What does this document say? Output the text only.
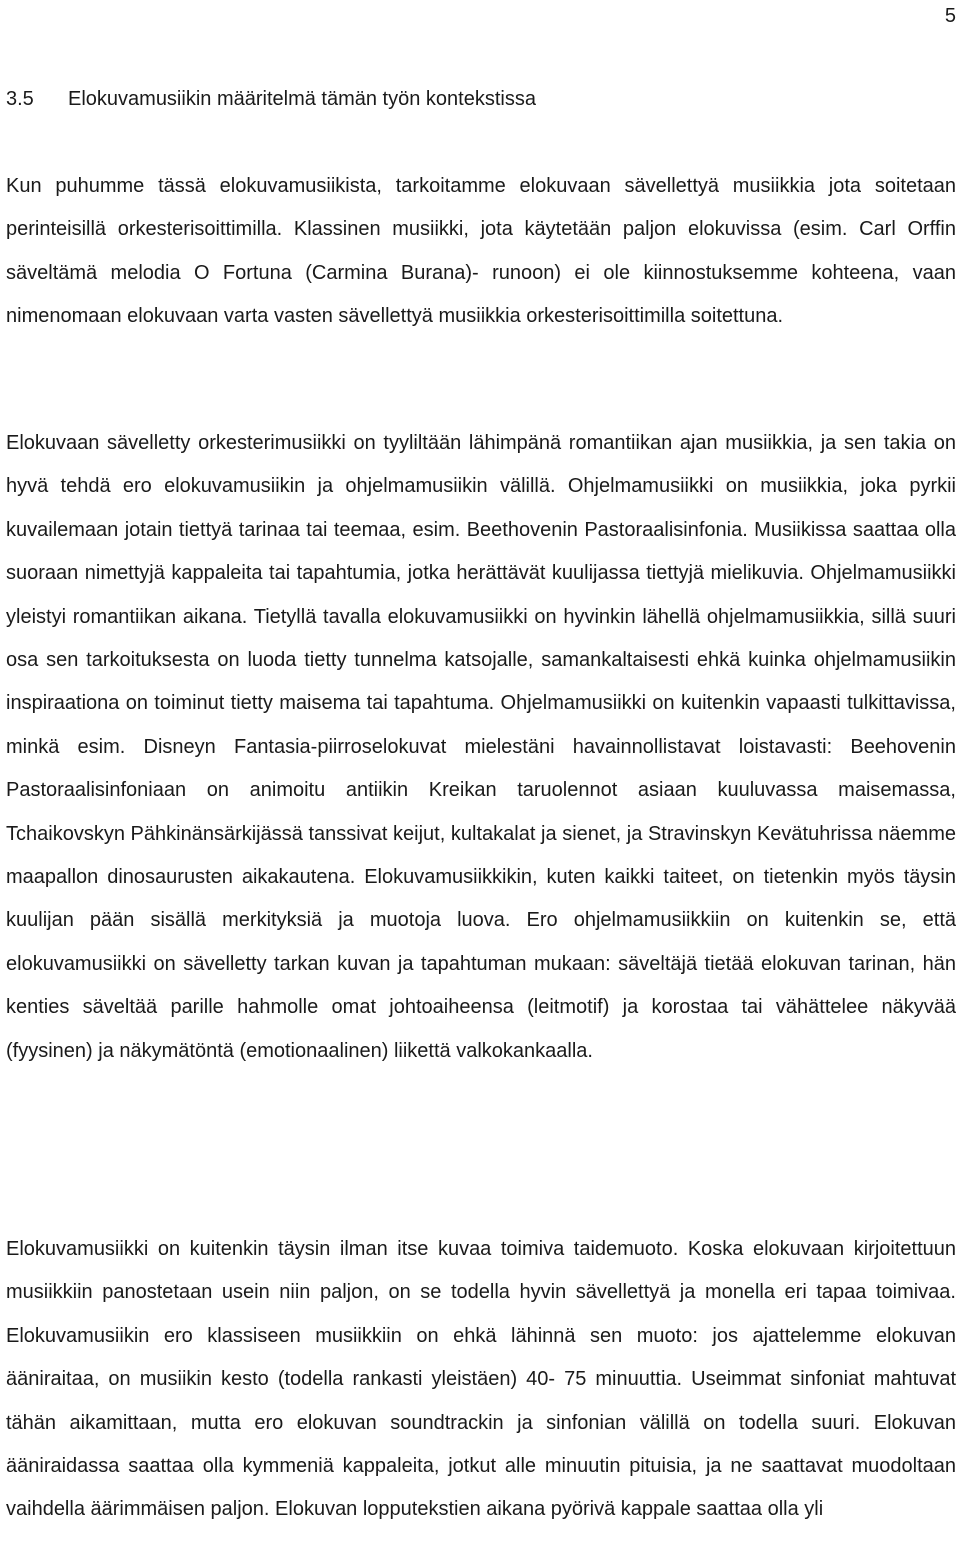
5
3.5 Elokuvamusiikin määritelmä tämän työn kontekstissa

Kun puhumme tässä elokuvamusiikista, tarkoitamme elokuvaan sävellettyä musiikkia jota soitetaan perinteisillä orkesterisoittimilla. Klassinen musiikki, jota käytetään paljon elokuvissa (esim. Carl Orffin säveltämä melodia O Fortuna (Carmina Burana)- runoon) ei ole kiinnostuksemme kohteena, vaan nimenomaan elokuvaan varta vasten sävellettyä musiikkia orkesterisoittimilla soitettuna.

Elokuvaan sävelletty orkesterimusiikki on tyyliltään lähimpänä romantiikan ajan musiikkia, ja sen takia on hyvä tehdä ero elokuvamusiikin ja ohjelmamusiikin välillä. Ohjelmamusiikki on musiikkia, joka pyrkii kuvailemaan jotain tiettyä tarinaa tai teemaa, esim. Beethovenin Pastoraalisinfonia. Musiikissa saattaa olla suoraan nimettyjä kappaleita tai tapahtumia, jotka herättävät kuulijassa tiettyjä mielikuvia. Ohjelmamusiikki yleistyi romantiikan aikana. Tietyllä tavalla elokuvamusiikki on hyvinkin lähellä ohjelmamusiikkia, sillä suuri osa sen tarkoituksesta on luoda tietty tunnelma katsojalle, samankaltaisesti ehkä kuinka ohjelmamusiikin inspiraationa on toiminut tietty maisema tai tapahtuma. Ohjelmamusiikki on kuitenkin vapaasti tulkittavissa, minkä esim. Disneyn Fantasia-piirroselokuvat mielestäni havainnollistavat loistavasti: Beehovenin Pastoraalisinfoniaan on animoitu antiikin Kreikan taruolennot asiaan kuuluvassa maisemassa, Tchaikovskyn Pähkinänsärkijässä tanssivat keijut, kultakalat ja sienet, ja Stravinskyn Kevätuhrissa näemme maapallon dinosaurusten aikakautena. Elokuvamusiikkikin, kuten kaikki taiteet, on tietenkin myös täysin kuulijan pään sisällä merkityksiä ja muotoja luova. Ero ohjelmamusiikkiin on kuitenkin se, että elokuvamusiikki on sävelletty tarkan kuvan ja tapahtuman mukaan: säveltäjä tietää elokuvan tarinan, hän kenties säveltää parille hahmolle omat johtoaiheensa (leitmotif) ja korostaa tai vähättelee näkyvää (fyysinen) ja näkymätöntä (emotionaalinen) liikettä valkokankaalla.

Elokuvamusiikki on kuitenkin täysin ilman itse kuvaa toimiva taidemuoto. Koska elokuvaan kirjoitettuun musiikkiin panostetaan usein niin paljon, on se todella hyvin sävellettyä ja monella eri tapaa toimivaa. Elokuvamusiikin ero klassiseen musiikkiin on ehkä lähinnä sen muoto: jos ajattelemme elokuvan ääniraitaa, on musiikin kesto (todella rankasti yleistäen) 40- 75 minuuttia. Useimmat sinfoniat mahtuvat tähän aikamittaan, mutta ero elokuvan soundtrackin ja sinfonian välillä on todella suuri. Elokuvan ääniraidassa saattaa olla kymmeniä kappaleita, jotkut alle minuutin pituisia, ja ne saattavat muodoltaan vaihdella äärimmäisen paljon. Elokuvan lopputekstien aikana pyörivä kappale saattaa olla yli
